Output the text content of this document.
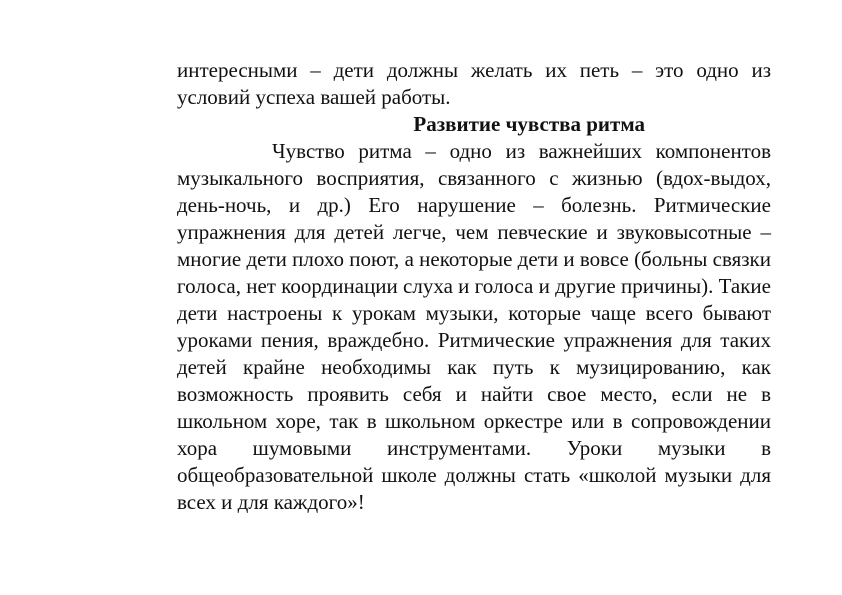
интересными – дети должны желать их петь – это одно из условий успеха вашей работы.

Развитие чувства ритма

Чувство ритма – одно из важнейших компонентов музыкального восприятия, связанного с жизнью (вдох-выдох, день-ночь, и др.) Его нарушение – болезнь. Ритмические упражнения для детей легче, чем певческие и звуковысотные – многие дети плохо поют, а некоторые дети и вовсе (больны связки голоса, нет координации слуха и голоса и другие причины). Такие дети настроены к урокам музыки, которые чаще всего бывают уроками пения, враждебно. Ритмические упражнения для таких детей крайне необходимы как путь к музицированию, как возможность проявить себя и найти свое место, если не в школьном хоре, так в школьном оркестре или в сопровождении хора шумовыми инструментами. Уроки музыки в общеобразовательной школе должны стать «школой музыки для всех и для каждого»!
